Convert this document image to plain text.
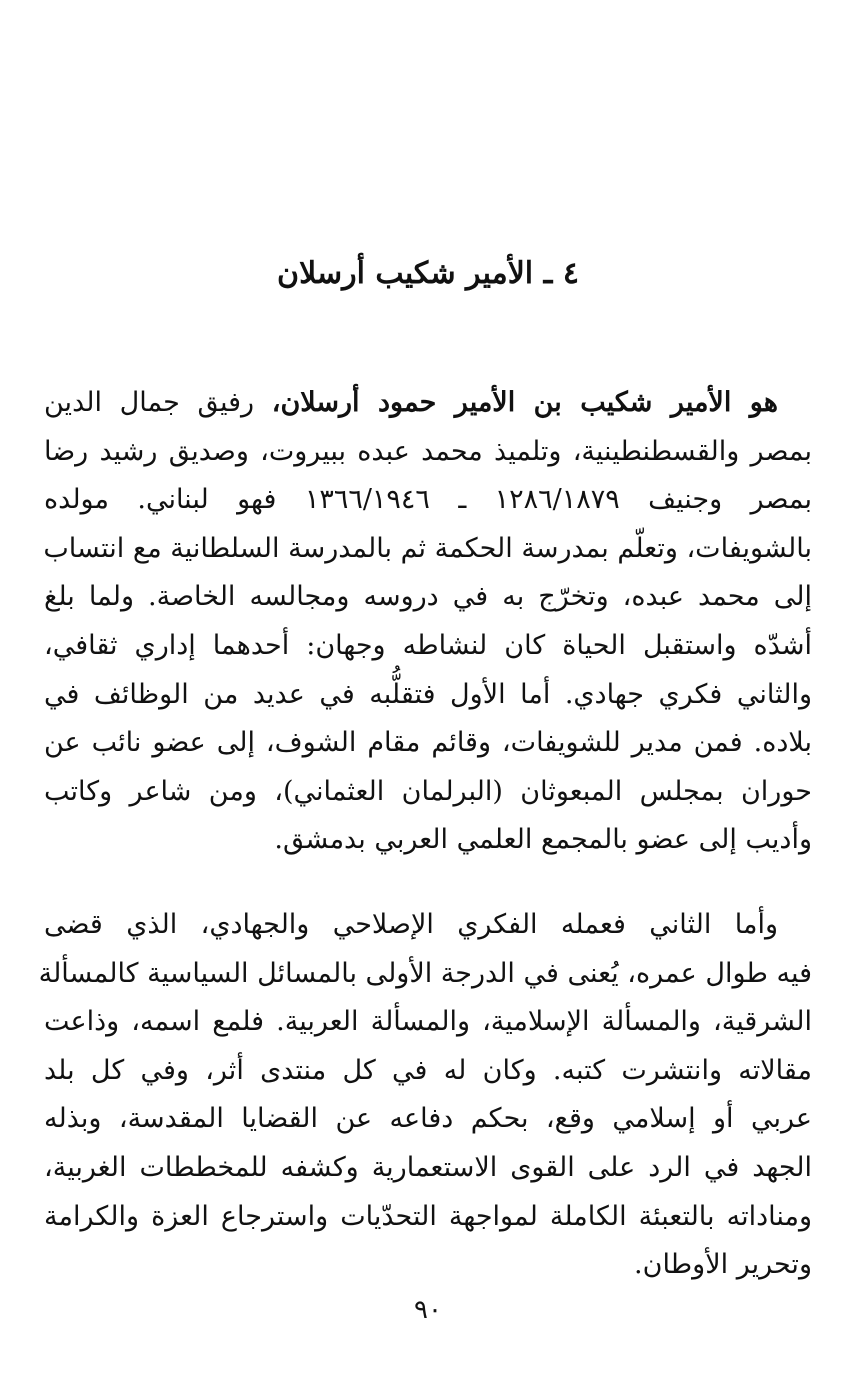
٤ ـ الأمير شكيب أرسلان
هو الأمير شكيب بن الأمير حمود أرسلان، رفيق جمال الدين
بمصر والقسطنطينية، وتلميذ محمد عبده ببيروت، وصديق رشيد رضا
بمصر وجنيف ١٢٨٦/١٨٧٩ ـ ١٣٦٦/١٩٤٦ فهو لبناني. مولده
بالشويفات، وتعلّم بمدرسة الحكمة ثم بالمدرسة السلطانية مع انتساب
إلى محمد عبده، وتخرّج به في دروسه ومجالسه الخاصة. ولما بلغ
أشدّه واستقبل الحياة كان لنشاطه وجهان: أحدهما إداري ثقافي،
والثاني فكري جهادي. أما الأول فتقلُّبه في عديد من الوظائف في
بلاده. فمن مدير للشويفات، وقائم مقام الشوف، إلى عضو نائب عن
حوران بمجلس المبعوثان (البرلمان العثماني)، ومن شاعر وكاتب
وأديب إلى عضو بالمجمع العلمي العربي بدمشق.
وأما الثاني فعمله الفكري الإصلاحي والجهادي، الذي قضى
فيه طوال عمره، يُعنى في الدرجة الأولى بالمسائل السياسية كالمسألة
الشرقية، والمسألة الإسلامية، والمسألة العربية. فلمع اسمه، وذاعت
مقالاته وانتشرت كتبه. وكان له في كل منتدى أثر، وفي كل بلد
عربي أو إسلامي وقع، بحكم دفاعه عن القضايا المقدسة، وبذله
الجهد في الرد على القوى الاستعمارية وكشفه للمخططات الغربية،
ومناداته بالتعبئة الكاملة لمواجهة التحدّيات واسترجاع العزة والكرامة
وتحرير الأوطان.
٩٠
